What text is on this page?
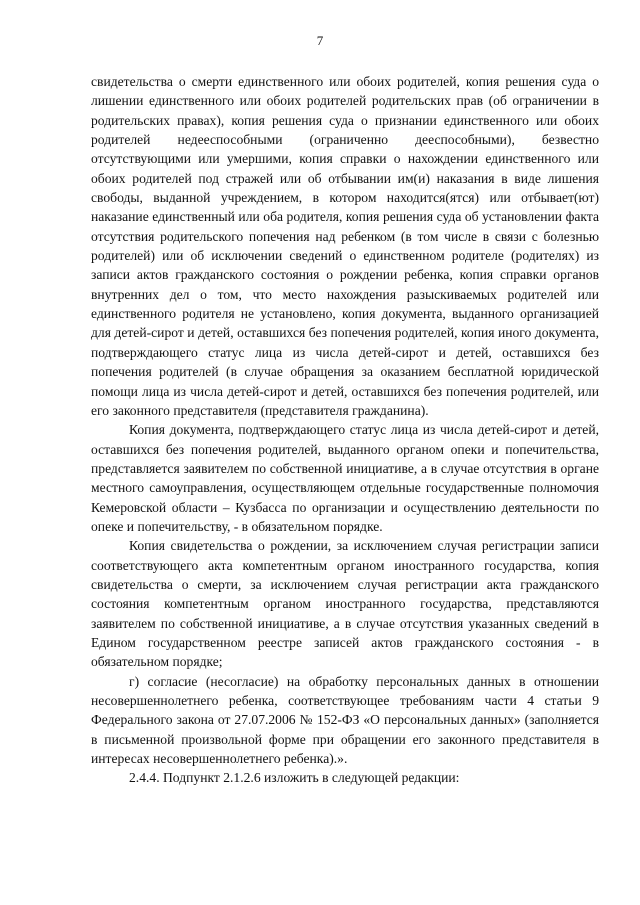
7

свидетельства о смерти единственного или обоих родителей, копия решения суда о лишении единственного или обоих родителей родительских прав (об ограничении в родительских правах), копия решения суда о признании единственного или обоих родителей недееспособными (ограниченно дееспособными), безвестно отсутствующими или умершими, копия справки о нахождении единственного или обоих родителей под стражей или об отбывании им(и) наказания в виде лишения свободы, выданной учреждением, в котором находится(ятся) или отбывает(ют) наказание единственный или оба родителя, копия решения суда об установлении факта отсутствия родительского попечения над ребенком (в том числе в связи с болезнью родителей) или об исключении сведений о единственном родителе (родителях) из записи актов гражданского состояния о рождении ребенка, копия справки органов внутренних дел о том, что место нахождения разыскиваемых родителей или единственного родителя не установлено, копия документа, выданного организацией для детей-сирот и детей, оставшихся без попечения родителей, копия иного документа, подтверждающего статус лица из числа детей-сирот и детей, оставшихся без попечения родителей (в случае обращения за оказанием бесплатной юридической помощи лица из числа детей-сирот и детей, оставшихся без попечения родителей, или его законного представителя (представителя гражданина).

Копия документа, подтверждающего статус лица из числа детей-сирот и детей, оставшихся без попечения родителей, выданного органом опеки и попечительства, представляется заявителем по собственной инициативе, а в случае отсутствия в органе местного самоуправления, осуществляющем отдельные государственные полномочия Кемеровской области – Кузбасса по организации и осуществлению деятельности по опеке и попечительству, - в обязательном порядке.

Копия свидетельства о рождении, за исключением случая регистрации записи соответствующего акта компетентным органом иностранного государства, копия свидетельства о смерти, за исключением случая регистрации акта гражданского состояния компетентным органом иностранного государства, представляются заявителем по собственной инициативе, а в случае отсутствия указанных сведений в Едином государственном реестре записей актов гражданского состояния - в обязательном порядке;

г) согласие (несогласие) на обработку персональных данных в отношении несовершеннолетнего ребенка, соответствующее требованиям части 4 статьи 9 Федерального закона от 27.07.2006 № 152-ФЗ «О персональных данных» (заполняется в письменной произвольной форме при обращении его законного представителя в интересах несовершеннолетнего ребенка).».

2.4.4. Подпункт 2.1.2.6 изложить в следующей редакции:
